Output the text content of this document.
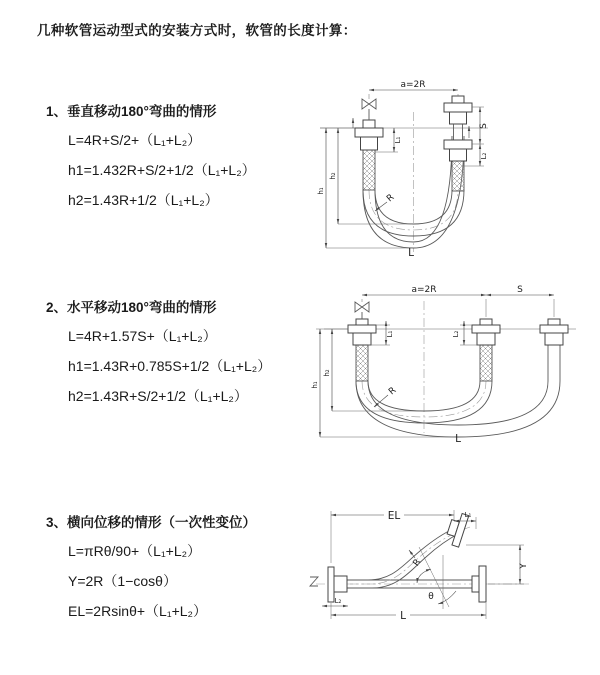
几种软管运动型式的安装方式时，软管的长度计算：

1、垂直移动180°弯曲的情形

L=4R+S/2+（L₁+L₂）

h1=1.432R+S/2+1/2（L₁+L₂）

h2=1.43R+1/2（L₁+L₂）

2、水平移动180°弯曲的情形

L=4R+1.57S+（L₁+L₂）

h1=1.43R+0.785S+1/2（L₁+L₂）

h2=1.43R+S/2+1/2（L₁+L₂）

3、横向位移的情形（一次性变位）

L=πRθ/90+（L₁+L₂）

Y=2R（1−cosθ）

EL=2Rsinθ+（L₁+L₂）

a=2R
h₁
h₂
L₁
S
L₂
R
L
a=2R	S
h₁
h₂
L₁	L₂
R
L
EL	L₁
Y
L
L₂	θ
R
